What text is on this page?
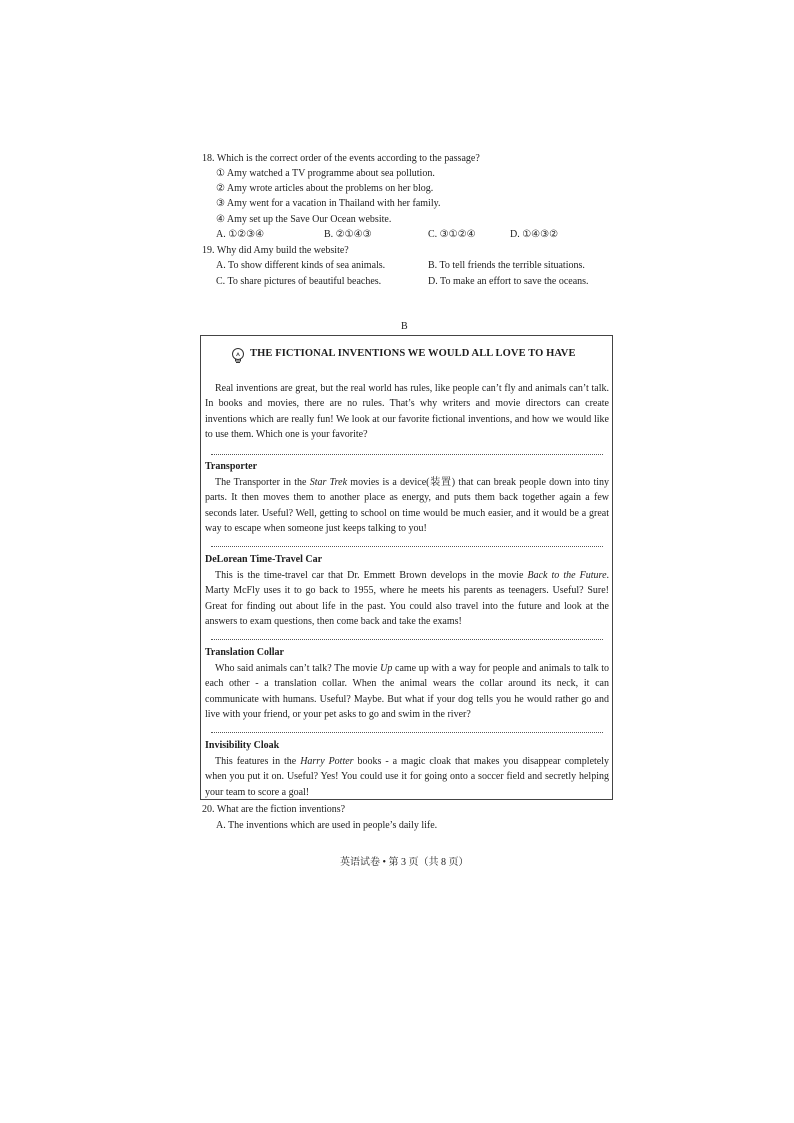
18. Which is the correct order of the events according to the passage?
① Amy watched a TV programme about sea pollution.
② Amy wrote articles about the problems on her blog.
③ Amy went for a vacation in Thailand with her family.
④ Amy set up the Save Our Ocean website.
A. ①②③④	B. ②①④③	C. ③①②④	D. ①④③②
19. Why did Amy build the website?
A. To show different kinds of sea animals.	B. To tell friends the terrible situations.
C. To share pictures of beautiful beaches.	D. To make an effort to save the oceans.
B
THE FICTIONAL INVENTIONS WE WOULD ALL LOVE TO HAVE
Real inventions are great, but the real world has rules, like people can’t fly and animals can’t talk. In books and movies, there are no rules. That’s why writers and movie directors can create inventions which are really fun! We look at our favorite fictional inventions, and how we would like to use them. Which one is your favorite?
Transporter
The Transporter in the Star Trek movies is a device(装置) that can break people down into tiny parts. It then moves them to another place as energy, and puts them back together again a few seconds later. Useful? Well, getting to school on time would be much easier, and it would be a great way to escape when someone just keeps talking to you!
DeLorean Time-Travel Car
This is the time-travel car that Dr. Emmett Brown develops in the movie Back to the Future. Marty McFly uses it to go back to 1955, where he meets his parents as teenagers. Useful? Sure! Great for finding out about life in the past. You could also travel into the future and look at the answers to exam questions, then come back and take the exams!
Translation Collar
Who said animals can’t talk? The movie Up came up with a way for people and animals to talk to each other - a translation collar. When the animal wears the collar around its neck, it can communicate with humans. Useful? Maybe. But what if your dog tells you he would rather go and live with your friend, or your pet asks to go and swim in the river?
Invisibility Cloak
This features in the Harry Potter books - a magic cloak that makes you disappear completely when you put it on. Useful? Yes! You could use it for going onto a soccer field and secretly helping your team to score a goal!
20. What are the fiction inventions?
A. The inventions which are used in people’s daily life.
英语试卷 • 第 3 页（共 8 页）
